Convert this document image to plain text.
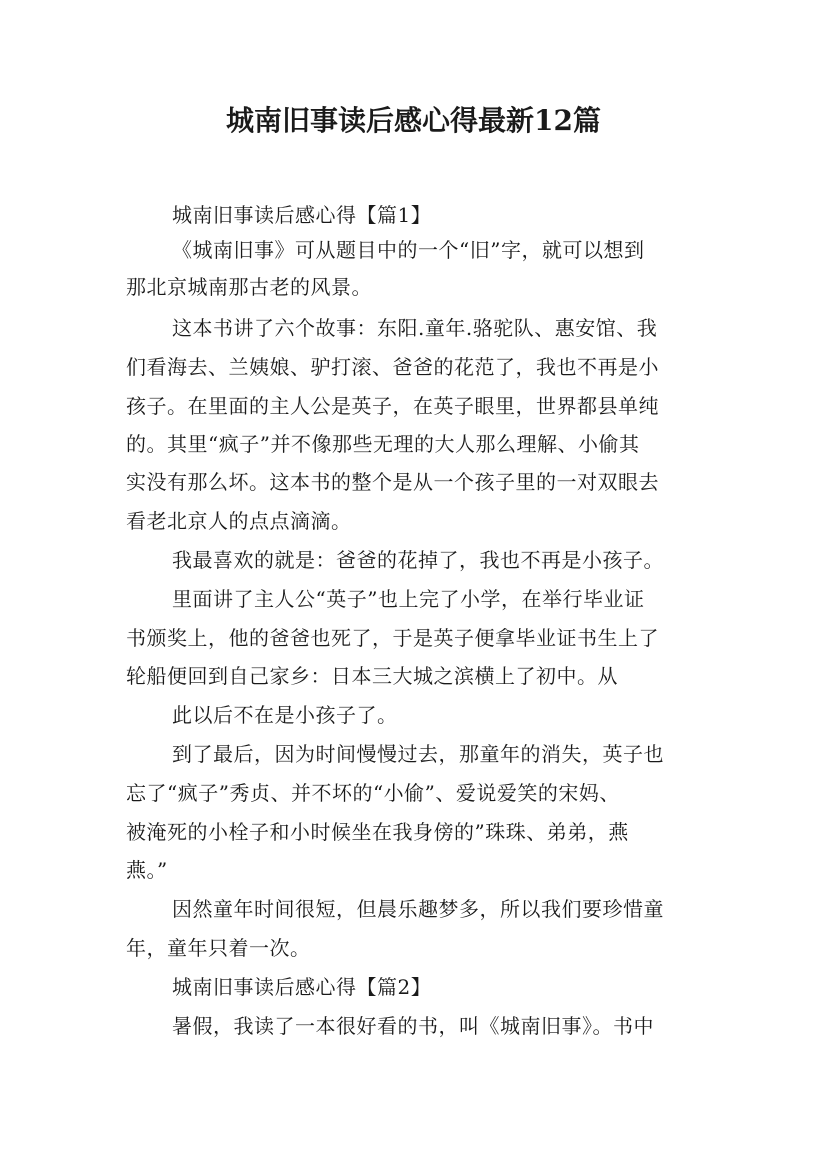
城南旧事读后感心得最新12篇
城南旧事读后感心得【篇1】
《城南旧事》可从题目中的一个“旧”字，就可以想到
那北京城南那古老的风景。
这本书讲了六个故事：东阳.童年.骆驼队、惠安馆、我
们看海去、兰姨娘、驴打滚、爸爸的花范了，我也不再是小
孩子。在里面的主人公是英子，在英子眼里，世界都县单纯
的。其里“疯子”并不像那些无理的大人那么理解、小偷其
实没有那么坏。这本书的整个是从一个孩子里的一对双眼去
看老北京人的点点滴滴。
我最喜欢的就是：爸爸的花掉了，我也不再是小孩子。
里面讲了主人公“英子”也上完了小学，在举行毕业证
书颁奖上，他的爸爸也死了，于是英子便拿毕业证书生上了
轮船便回到自己家乡：日本三大城之滨横上了初中。从
此以后不在是小孩子了。
到了最后，因为时间慢慢过去，那童年的消失，英子也
忘了“疯子”秀贞、并不坏的“小偷”、爱说爱笑的宋妈、
被淹死的小栓子和小时候坐在我身傍的”珠珠、弟弟，燕
燕。”
因然童年时间很短，但晨乐趣梦多，所以我们要珍惜童
年，童年只着一次。
城南旧事读后感心得【篇2】
暑假，我读了一本很好看的书，叫《城南旧事》。书中
